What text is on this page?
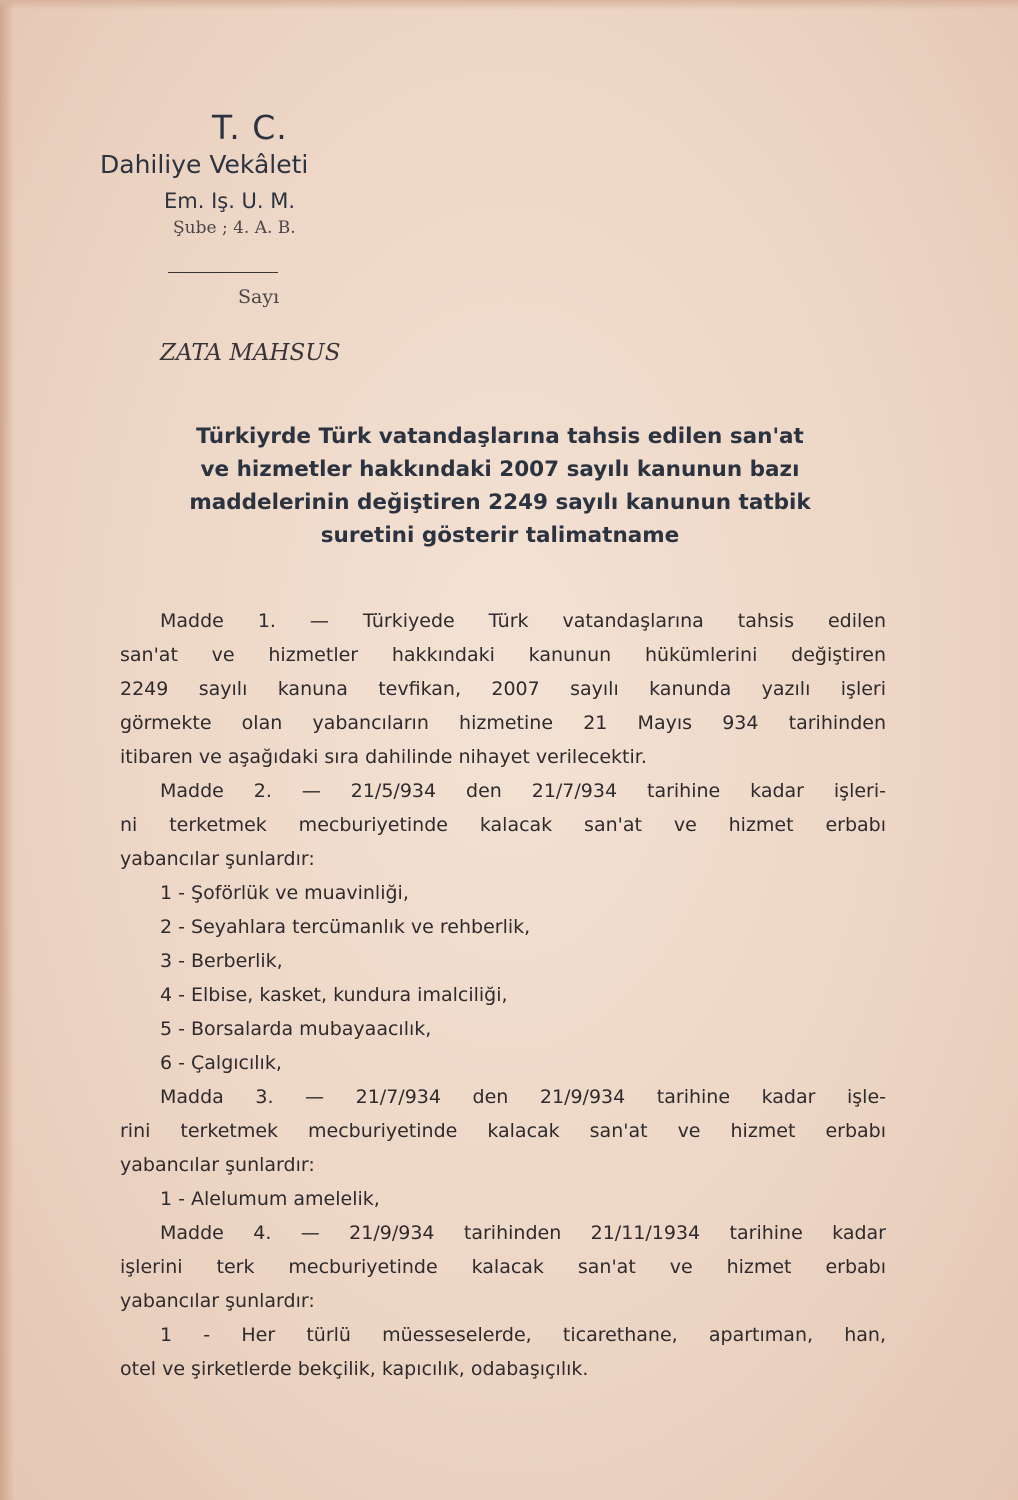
T. C.
Dahiliye Vekâleti
Em. Iş. U. M.
Şube ; 4. A. B.
Sayı
ZATA MAHSUS
Türkiyrde Türk vatandaşlarına tahsis edilen san'at
ve hizmetler hakkındaki 2007 sayılı kanunun bazı
maddelerinin değiştiren 2249 sayılı kanunun tatbik
suretini gösterir talimatname
Madde 1. — Türkiyede Türk vatandaşlarına tahsis edilen
san'at ve hizmetler hakkındaki kanunun hükümlerini değiştiren
2249 sayılı kanuna tevfikan, 2007 sayılı kanunda yazılı işleri
görmekte olan yabancıların hizmetine 21 Mayıs 934 tarihinden
itibaren ve aşağıdaki sıra dahilinde nihayet verilecektir.
Madde 2. — 21/5/934 den 21/7/934 tarihine kadar işleri-
ni terketmek mecburiyetinde kalacak san'at ve hizmet erbabı
yabancılar şunlardır:
1 - Şoförlük ve muavinliği,
2 - Seyahlara tercümanlık ve rehberlik,
3 - Berberlik,
4 - Elbise, kasket, kundura imalciliği,
5 - Borsalarda mubayaacılık,
6 - Çalgıcılık,
Madda 3. — 21/7/934 den 21/9/934 tarihine kadar işle-
rini terketmek mecburiyetinde kalacak san'at ve hizmet erbabı
yabancılar şunlardır:
1 - Alelumum amelelik,
Madde 4. — 21/9/934 tarihinden 21/11/1934 tarihine kadar
işlerini terk mecburiyetinde kalacak san'at ve hizmet erbabı
yabancılar şunlardır:
1 - Her türlü müesseselerde, ticarethane, apartıman, han,
otel ve şirketlerde bekçilik, kapıcılık, odabaşıçılık.
